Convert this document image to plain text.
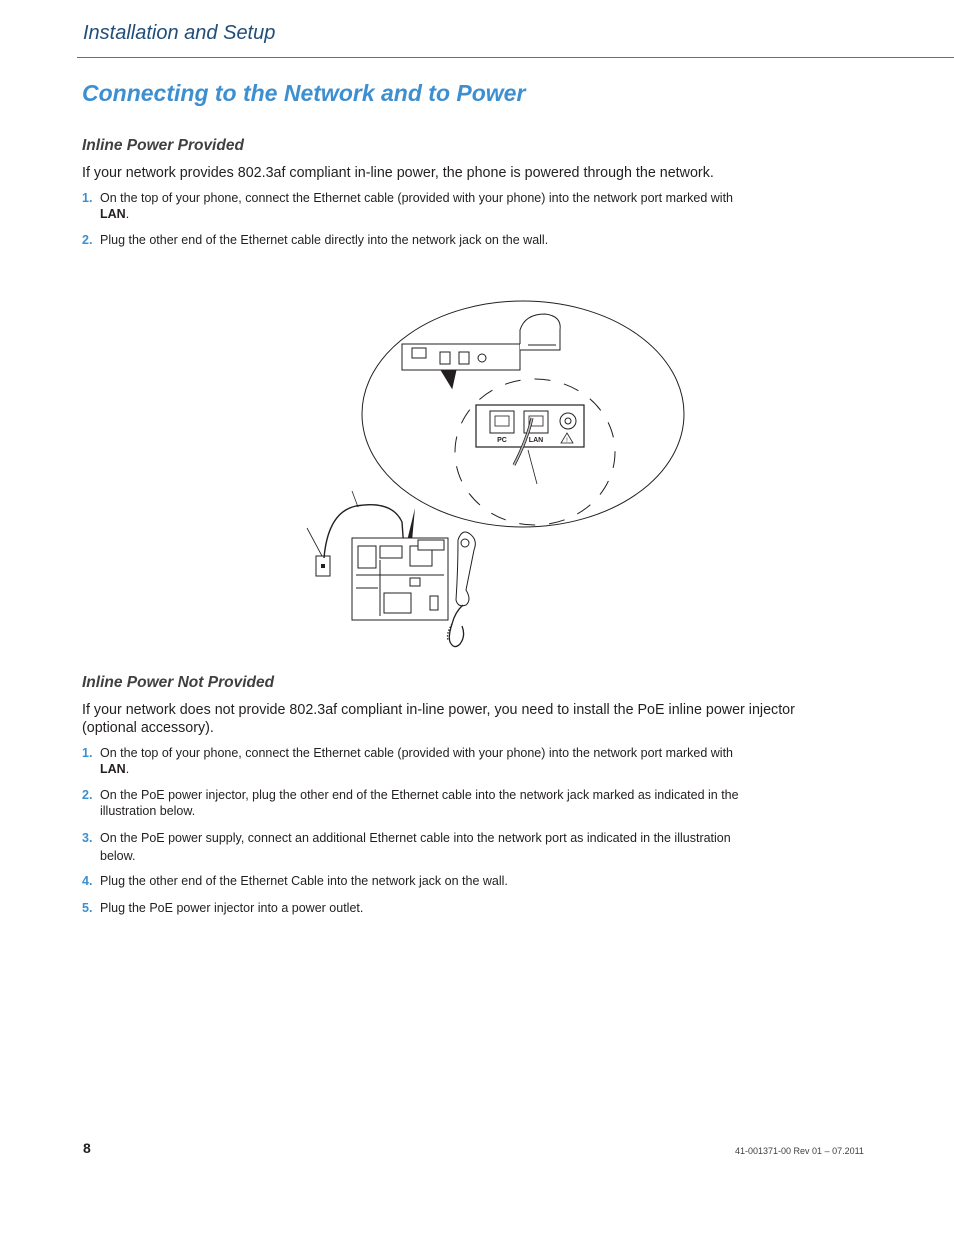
Installation and Setup
Connecting to the Network and to Power
Inline Power Provided

If your network provides 802.3af compliant in-line power, the phone is powered through the network.

1 . On the top of your phone, connect the Ethernet cable (provided with your phone) into the network port marked with LAN.
2 . Plug the other end of the Ethernet cable directly into the network jack on the wall.
PC	LAN	!
Inline Power Not Provided

If your network does not provide 802.3af compliant in-line power, you need to install the PoE inline power injector (optional accessory).

1 . On the top of your phone, connect the Ethernet cable (provided with your phone) into the network port marked with LAN.
2 . On the PoE power injector, plug the other end of the Ethernet cable into the network jack marked as indicated in the illustration below.
3 . On the PoE power supply, connect an additional Ethernet cable into the network port as indicated in the illustration below.
4 . Plug the other end of the Ethernet Cable into the network jack on the wall.
5 . Plug the PoE power injector into a power outlet.
8	41-001371-00 Rev 01 – 07.2011
